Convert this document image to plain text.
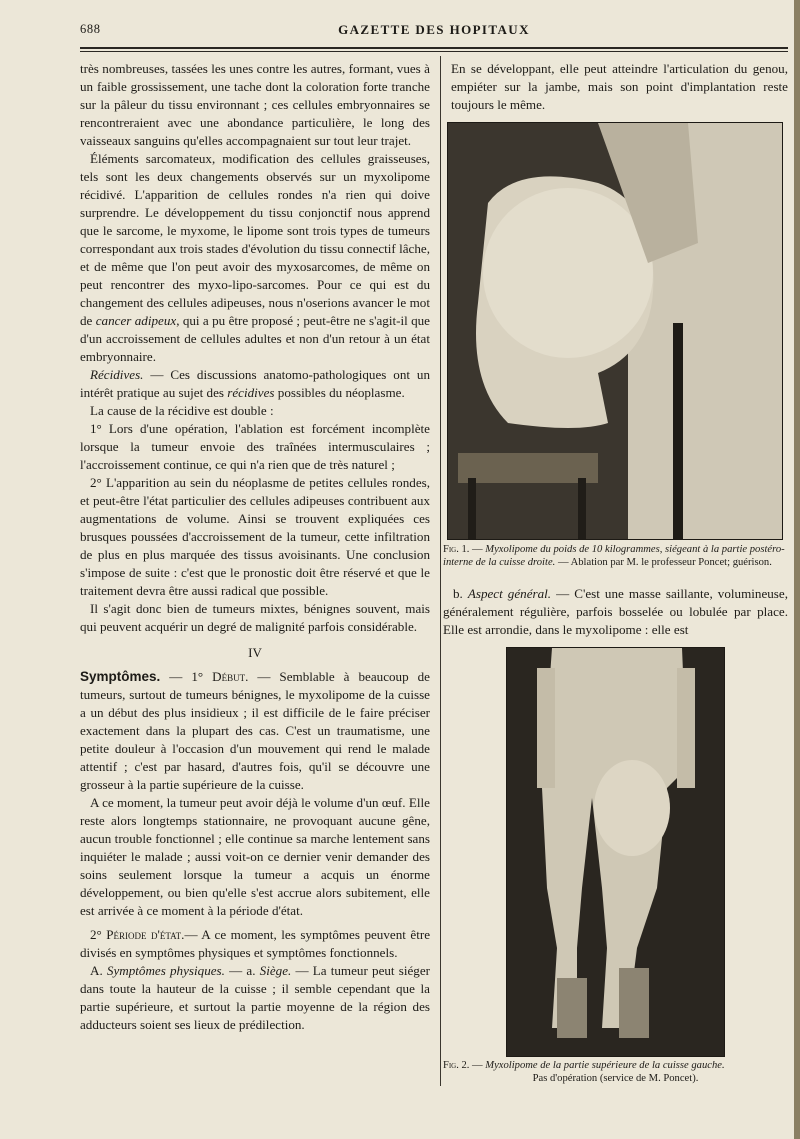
688	GAZETTE DES HOPITAUX

très nombreuses, tassées les unes contre les autres, formant, vues à un faible grossissement, une tache dont la coloration forte tranche sur la pâleur du tissu environnant ; ces cellules embryonnaires se rencontreraient avec une abondance particulière, le long des vaisseaux sanguins qu'elles accompagnaient sur tout leur trajet.

Éléments sarcomateux, modification des cellules graisseuses, tels sont les deux changements observés sur un myxolipome récidivé. L'apparition de cellules rondes n'a rien qui doive surprendre. Le développement du tissu conjonctif nous apprend que le sarcome, le myxome, le lipome sont trois types de tumeurs correspondant aux trois stades d'évolution du tissu connectif lâche, et de même que l'on peut avoir des myxosarcomes, de même on peut rencontrer des myxo-lipo-sarcomes. Pour ce qui est du changement des cellules adipeuses, nous n'oserions avancer le mot de cancer adipeux, qui a pu être proposé ; peut-être ne s'agit-il que d'un accroissement de cellules adultes et non d'un retour à un état embryonnaire.

Récidives. — Ces discussions anatomo-pathologiques ont un intérêt pratique au sujet des récidives possibles du néoplasme.

La cause de la récidive est double :

1° Lors d'une opération, l'ablation est forcément incomplète lorsque la tumeur envoie des traînées intermusculaires ; l'accroissement continue, ce qui n'a rien que de très naturel ;

2° L'apparition au sein du néoplasme de petites cellules rondes, et peut-être l'état particulier des cellules adipeuses contribuent aux augmentations de volume. Ainsi se trouvent expliquées ces brusques poussées d'accroissement de la tumeur, cette infiltration de plus en plus marquée des tissus avoisinants. Une conclusion s'impose de suite : c'est que le pronostic doit être réservé et que le traitement devra être aussi radical que possible.

Il s'agit donc bien de tumeurs mixtes, bénignes souvent, mais qui peuvent acquérir un degré de malignité parfois considérable.

IV

Symptômes. — 1° Début. — Semblable à beaucoup de tumeurs, surtout de tumeurs bénignes, le myxolipome de la cuisse a un début des plus insidieux ; il est difficile de le faire préciser exactement dans la plupart des cas. C'est un traumatisme, une petite douleur à l'occasion d'un mouvement qui rend le malade attentif ; c'est par hasard, d'autres fois, qu'il se découvre une grosseur à la partie supérieure de la cuisse.

A ce moment, la tumeur peut avoir déjà le volume d'un œuf. Elle reste alors longtemps stationnaire, ne provoquant aucune gêne, aucun trouble fonctionnel ; elle continue sa marche lentement sans inquiéter le malade ; aussi voit-on ce dernier venir demander des soins seulement lorsque la tumeur a acquis un énorme développement, ou bien qu'elle s'est accrue alors subitement, elle est arrivée à ce moment à la période d'état.

2° Période d'état.— A ce moment, les symptômes peuvent être divisés en symptômes physiques et symptômes fonctionnels.

A. Symptômes physiques. — a. Siège. — La tumeur peut siéger dans toute la hauteur de la cuisse ; il semble cependant que la partie supérieure, et surtout la partie moyenne de la région des adducteurs soient ses lieux de prédilection.

En se développant, elle peut atteindre l'articulation du genou, empiéter sur la jambe, mais son point d'implantation reste toujours le même.

Fig. 1. — Myxolipome du poids de 10 kilogrammes, siégeant à la partie postéro-interne de la cuisse droite. — Ablation par M. le professeur Poncet; guérison.

b. Aspect général. — C'est une masse saillante, volumineuse, généralement régulière, parfois bosselée ou lobulée par place. Elle est arrondie, dans le myxolipome : elle est

Fig. 2. — Myxolipome de la partie supérieure de la cuisse gauche.
Pas d'opération (service de M. Poncet).
